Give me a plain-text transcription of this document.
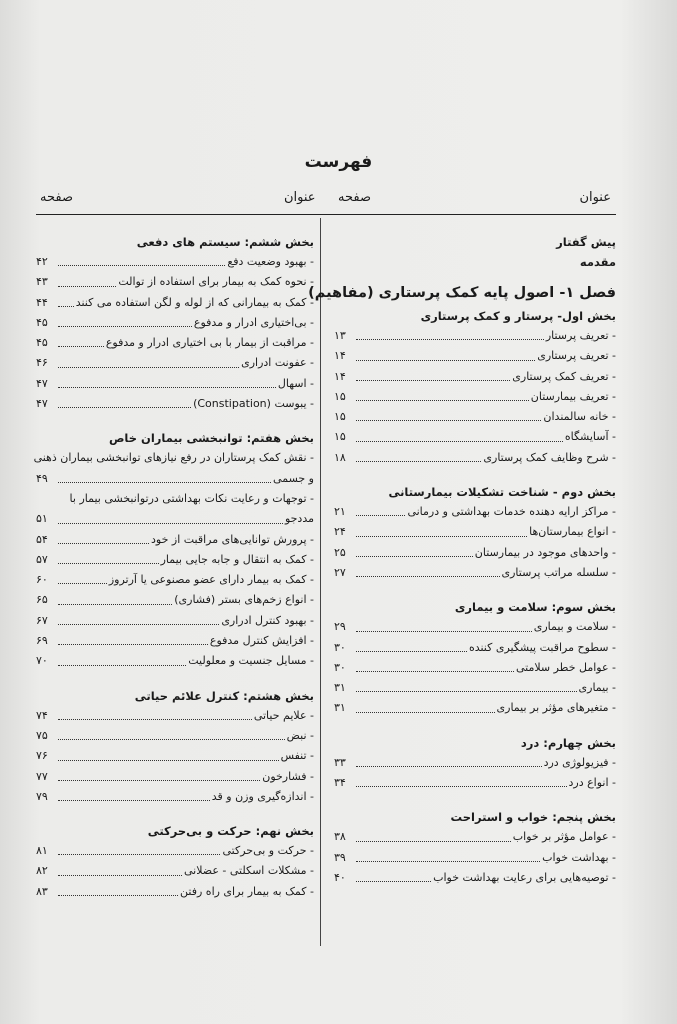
فهرست
عنوان
صفحه
عنوان
صفحه
پیش گفتار
مقدمه
فصل ۱- اصول پایه کمک پرستاری (مفاهیم)
بخش اول- پرستار و کمک پرستاری
- تعریف پرستار
۱۳
- تعریف پرستاری
۱۴
- تعریف کمک پرستاری
۱۴
- تعریف بیمارستان
۱۵
- خانه سالمندان
۱۵
- آسایشگاه
۱۵
- شرح وظایف کمک پرستاری
۱۸
بخش دوم - شناخت تشکیلات بیمارستانی
- مراکز ارایه دهنده خدمات بهداشتی و درمانی
۲۱
- انواع بیمارستان‌ها
۲۴
- واحدهای موجود در بیمارستان
۲۵
- سلسله مراتب پرستاری
۲۷
بخش سوم: سلامت و بیماری
- سلامت و بیماری
۲۹
- سطوح مراقبت پیشگیری کننده
۳۰
- عوامل خطر سلامتی
۳۰
- بیماری
۳۱
- متغیرهای مؤثر بر بیماری
۳۱
بخش چهارم: درد
- فیزیولوژی درد
۳۳
- انواع درد
۳۴
بخش پنجم: خواب و استراحت
- عوامل مؤثر بر خواب
۳۸
- بهداشت خواب
۳۹
- توصیه‌هایی برای رعایت بهداشت خواب
۴۰
بخش ششم: سیستم های دفعی
- بهبود وضعیت دفع
۴۲
- نحوه کمک به بیمار برای استفاده از توالت
۴۳
- کمک به بیمارانی که از لوله و لگن استفاده می کنند
۴۴
- بی‌اختیاری ادرار و مدفوع
۴۵
- مراقبت از بیمار با بی اختیاری ادرار و مدفوع
۴۵
- عفونت ادراری
۴۶
- اسهال
۴۷
- یبوست (Constipation)
۴۷
بخش هفتم: توانبخشی بیماران خاص
- نقش کمک پرستاران در رفع نیازهای توانبخشی بیماران ذهنی
و جسمی
۴۹
- توجهات و رعایت نکات بهداشتی درتوانبخشی بیمار با
مددجو
۵۱
- پرورش توانایی‌های مراقبت از خود
۵۴
- کمک به انتقال و جابه جایی بیمار
۵۷
- کمک به بیمار دارای عضو مصنوعی یا آرتروز
۶۰
- انواع زخم‌های بستر (فشاری)
۶۵
- بهبود کنترل ادراری
۶۷
- افزایش کنترل مدفوع
۶۹
- مسایل جنسیت و معلولیت
۷۰
بخش هشتم: کنترل علائم حیاتی
- علایم حیاتی
۷۴
- نبض
۷۵
- تنفس
۷۶
- فشارخون
۷۷
- اندازه‌گیری وزن و قد
۷۹
بخش نهم: حرکت و بی‌حرکتی
- حرکت و بی‌حرکتی
۸۱
- مشکلات اسکلتی - عضلانی
۸۲
- کمک به بیمار برای راه رفتن
۸۳
